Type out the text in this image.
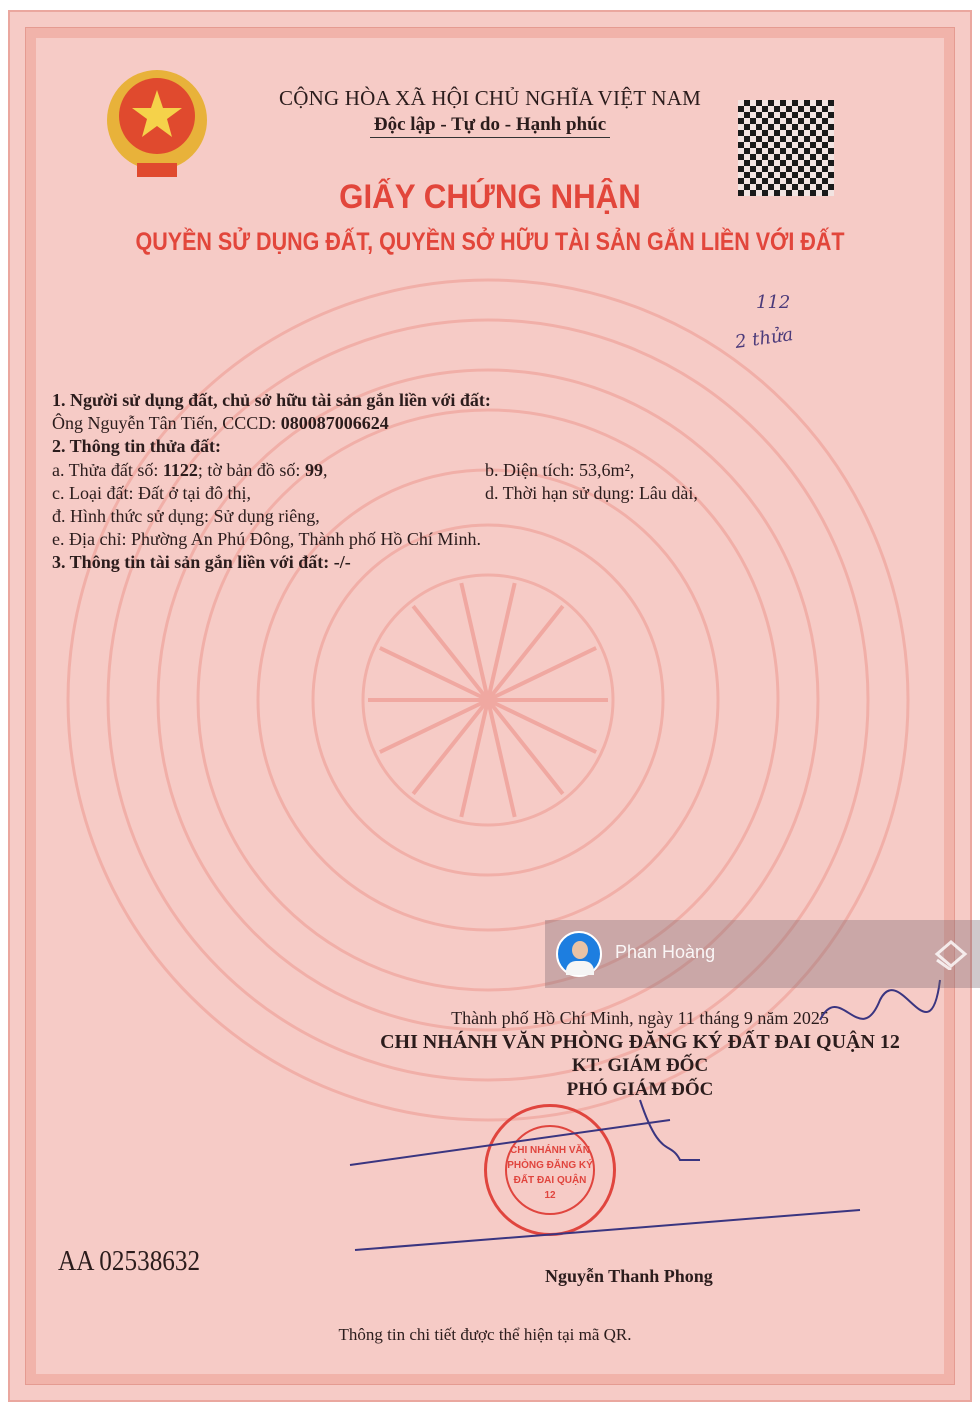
CỘNG HÒA XÃ HỘI CHỦ NGHĨA VIỆT NAM
Độc lập - Tự do - Hạnh phúc
GIẤY CHỨNG NHẬN
QUYỀN SỬ DỤNG ĐẤT, QUYỀN SỞ HỮU TÀI SẢN GẮN LIỀN VỚI ĐẤT
112
2 thửa
1. Người sử dụng đất, chủ sở hữu tài sản gắn liền với đất:
Ông Nguyễn Tân Tiến, CCCD: 080087006624
2. Thông tin thửa đất:
a. Thửa đất số: 1122; tờ bản đồ số: 99,	b. Diện tích: 53,6m²,
c. Loại đất: Đất ở tại đô thị,	d. Thời hạn sử dụng: Lâu dài,
đ. Hình thức sử dụng: Sử dụng riêng,
e. Địa chỉ: Phường An Phú Đông, Thành phố Hồ Chí Minh.
3. Thông tin tài sản gắn liền với đất: -/-
Thành phố Hồ Chí Minh, ngày 11 tháng 9 năm 2025
CHI NHÁNH VĂN PHÒNG ĐĂNG KÝ ĐẤT ĐAI QUẬN 12
KT. GIÁM ĐỐC
PHÓ GIÁM ĐỐC
CHI NHÁNH VĂN PHÒNG ĐĂNG KÝ ĐẤT ĐAI QUẬN 12
AA 02538632	Nguyễn Thanh Phong
Thông tin chi tiết được thể hiện tại mã QR.
Phan Hoàng
